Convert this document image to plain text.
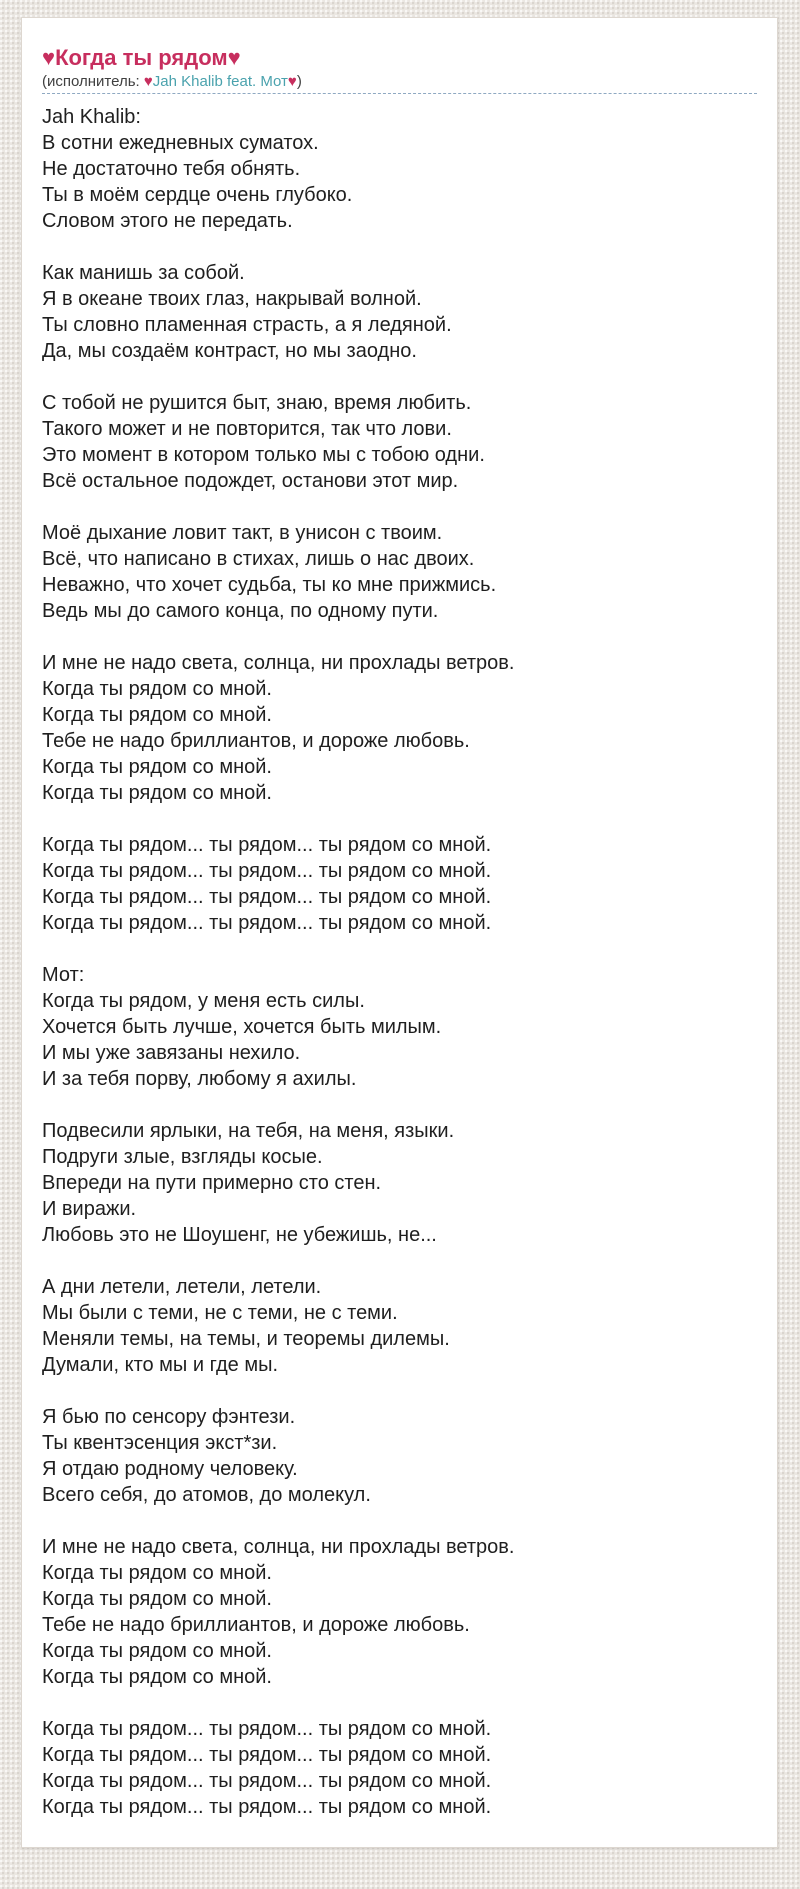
♥Когда ты рядом♥
(исполнитель: ♥Jah Khalib feat. Мот♥)

Jah Khalib:
В сотни ежедневных суматох.
Не достаточно тебя обнять.
Ты в моём сердце очень глубоко.
Словом этого не передать.

Как манишь за собой.
Я в океане твоих глаз, накрывай волной.
Ты словно пламенная страсть, а я ледяной.
Да, мы создаём контраст, но мы заодно.

С тобой не рушится быт, знаю, время любить.
Такого может и не повторится, так что лови.
Это момент в котором только мы с тобою одни.
Всё остальное подождет, останови этот мир.

Моё дыхание ловит такт, в унисон с твоим.
Всё, что написано в стихах, лишь о нас двоих.
Неважно, что хочет судьба, ты ко мне прижмись.
Ведь мы до самого конца, по одному пути.

И мне не надо света, солнца, ни прохлады ветров.
Когда ты рядом со мной.
Когда ты рядом со мной.
Тебе не надо бриллиантов, и дороже любовь.
Когда ты рядом со мной.
Когда ты рядом со мной.

Когда ты рядом... ты рядом... ты рядом со мной.
Когда ты рядом... ты рядом... ты рядом со мной.
Когда ты рядом... ты рядом... ты рядом со мной.
Когда ты рядом... ты рядом... ты рядом со мной.

Мот:
Когда ты рядом, у меня есть силы.
Хочется быть лучше, хочется быть милым.
И мы уже завязаны нехило.
И за тебя порву, любому я ахилы.

Подвесили ярлыки, на тебя, на меня, языки.
Подруги злые, взгляды косые.
Впереди на пути примерно сто стен.
И виражи.
Любовь это не Шоушенг, не убежишь, не...

А дни летели, летели, летели.
Мы были с теми, не с теми, не с теми.
Меняли темы, на темы, и теоремы дилемы.
Думали, кто мы и где мы.

Я бью по сенсору фэнтези.
Ты квентэсенция экст*зи.
Я отдаю родному человеку.
Всего себя, до атомов, до молекул.

И мне не надо света, солнца, ни прохлады ветров.
Когда ты рядом со мной.
Когда ты рядом со мной.
Тебе не надо бриллиантов, и дороже любовь.
Когда ты рядом со мной.
Когда ты рядом со мной.

Когда ты рядом... ты рядом... ты рядом со мной.
Когда ты рядом... ты рядом... ты рядом со мной.
Когда ты рядом... ты рядом... ты рядом со мной.
Когда ты рядом... ты рядом... ты рядом со мной.
